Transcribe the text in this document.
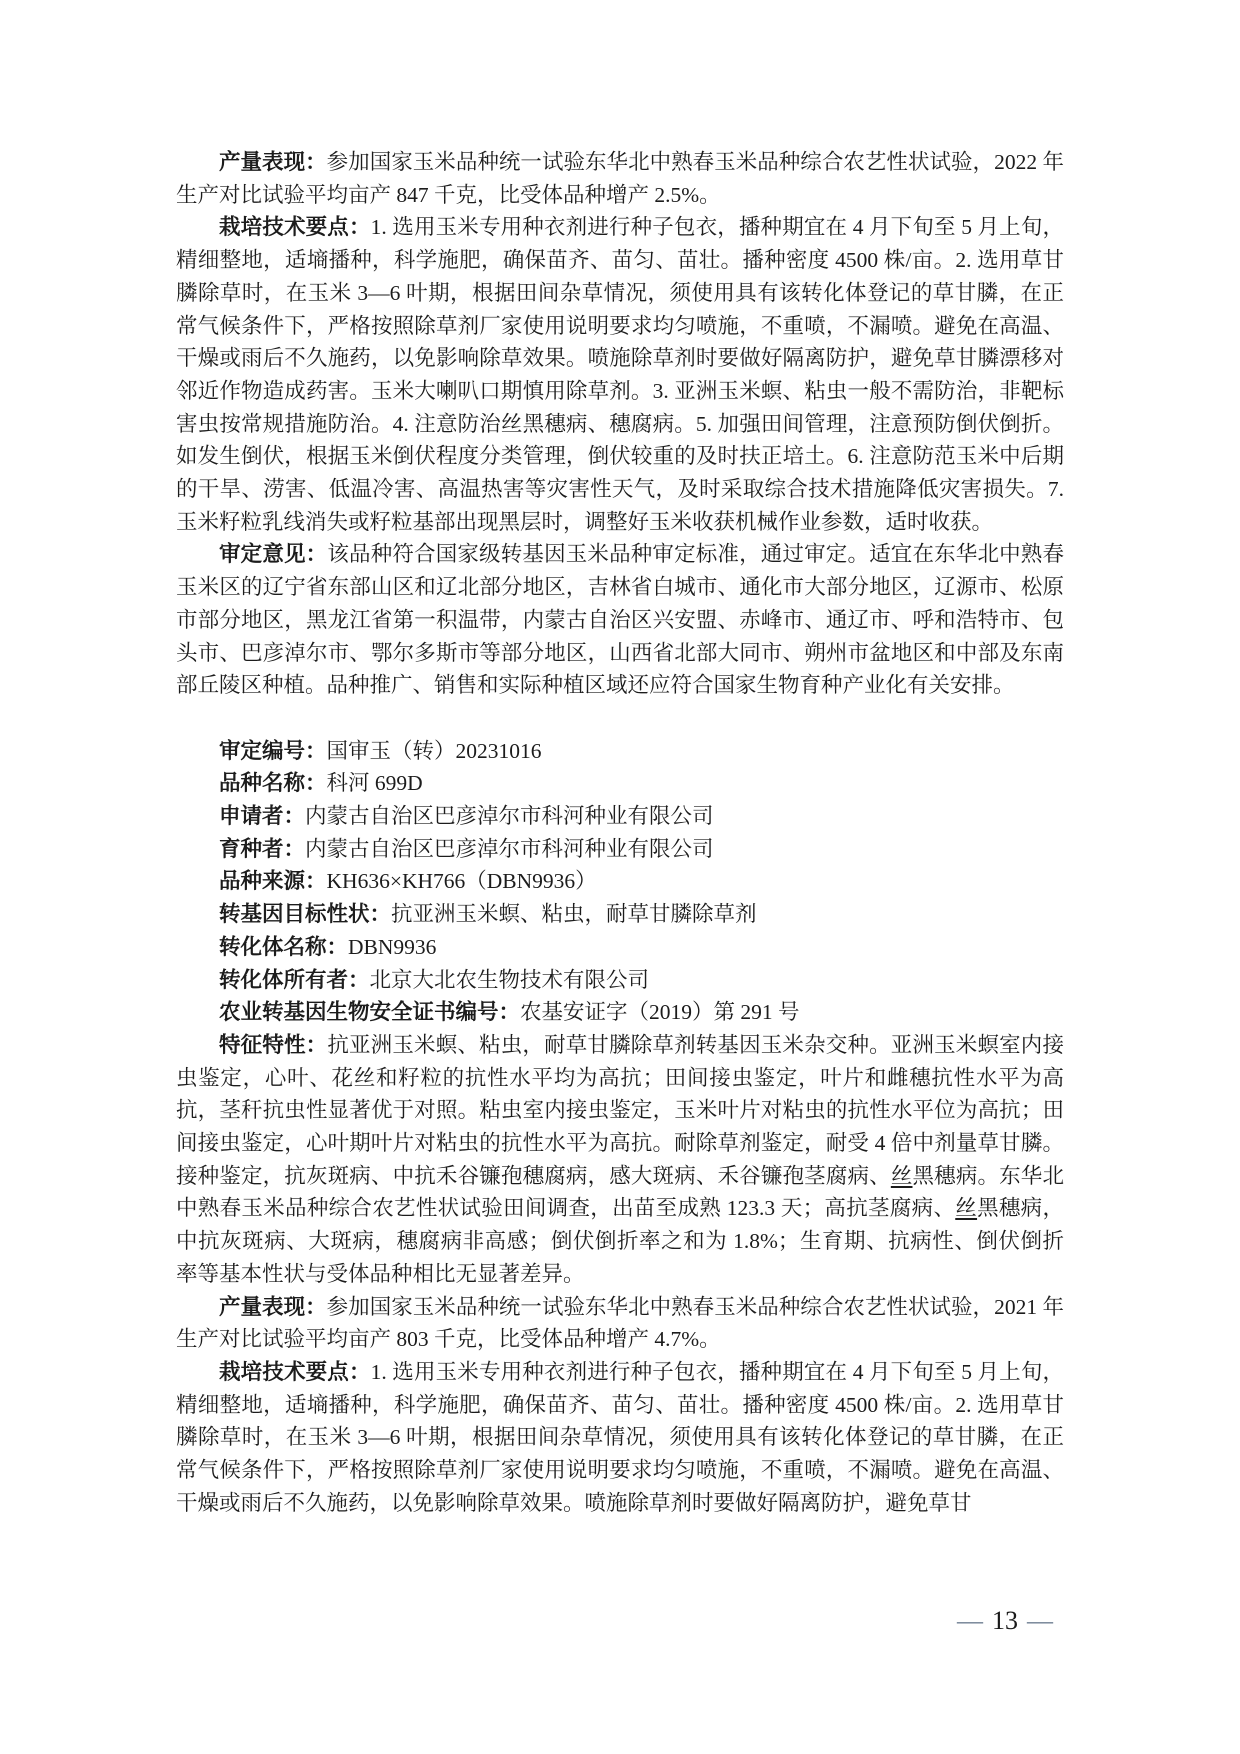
产量表现：参加国家玉米品种统一试验东华北中熟春玉米品种综合农艺性状试验，2022 年生产对比试验平均亩产 847 千克，比受体品种增产 2.5%。

栽培技术要点：1. 选用玉米专用种衣剂进行种子包衣，播种期宜在 4 月下旬至 5 月上旬，精细整地，适墒播种，科学施肥，确保苗齐、苗匀、苗壮。播种密度 4500 株/亩。2. 选用草甘膦除草时，在玉米 3—6 叶期，根据田间杂草情况，须使用具有该转化体登记的草甘膦，在正常气候条件下，严格按照除草剂厂家使用说明要求均匀喷施，不重喷，不漏喷。避免在高温、干燥或雨后不久施药，以免影响除草效果。喷施除草剂时要做好隔离防护，避免草甘膦漂移对邻近作物造成药害。玉米大喇叭口期慎用除草剂。3. 亚洲玉米螟、粘虫一般不需防治，非靶标害虫按常规措施防治。4. 注意防治丝黑穗病、穗腐病。5. 加强田间管理，注意预防倒伏倒折。如发生倒伏，根据玉米倒伏程度分类管理，倒伏较重的及时扶正培土。6. 注意防范玉米中后期的干旱、涝害、低温冷害、高温热害等灾害性天气，及时采取综合技术措施降低灾害损失。7. 玉米籽粒乳线消失或籽粒基部出现黑层时，调整好玉米收获机械作业参数，适时收获。

审定意见：该品种符合国家级转基因玉米品种审定标准，通过审定。适宜在东华北中熟春玉米区的辽宁省东部山区和辽北部分地区，吉林省白城市、通化市大部分地区，辽源市、松原市部分地区，黑龙江省第一积温带，内蒙古自治区兴安盟、赤峰市、通辽市、呼和浩特市、包头市、巴彦淖尔市、鄂尔多斯市等部分地区，山西省北部大同市、朔州市盆地区和中部及东南部丘陵区种植。品种推广、销售和实际种植区域还应符合国家生物育种产业化有关安排。

审定编号：国审玉（转）20231016

品种名称：科河 699D

申请者：内蒙古自治区巴彦淖尔市科河种业有限公司

育种者：内蒙古自治区巴彦淖尔市科河种业有限公司

品种来源：KH636×KH766（DBN9936）

转基因目标性状：抗亚洲玉米螟、粘虫，耐草甘膦除草剂

转化体名称：DBN9936

转化体所有者：北京大北农生物技术有限公司

农业转基因生物安全证书编号：农基安证字（2019）第 291 号

特征特性：抗亚洲玉米螟、粘虫，耐草甘膦除草剂转基因玉米杂交种。亚洲玉米螟室内接虫鉴定，心叶、花丝和籽粒的抗性水平均为高抗；田间接虫鉴定，叶片和雌穗抗性水平为高抗，茎秆抗虫性显著优于对照。粘虫室内接虫鉴定，玉米叶片对粘虫的抗性水平位为高抗；田间接虫鉴定，心叶期叶片对粘虫的抗性水平为高抗。耐除草剂鉴定，耐受 4 倍中剂量草甘膦。接种鉴定，抗灰斑病、中抗禾谷镰孢穗腐病，感大斑病、禾谷镰孢茎腐病、丝黑穗病。东华北中熟春玉米品种综合农艺性状试验田间调查，出苗至成熟 123.3 天；高抗茎腐病、丝黑穗病，中抗灰斑病、大斑病，穗腐病非高感；倒伏倒折率之和为 1.8%；生育期、抗病性、倒伏倒折率等基本性状与受体品种相比无显著差异。

产量表现：参加国家玉米品种统一试验东华北中熟春玉米品种综合农艺性状试验，2021 年生产对比试验平均亩产 803 千克，比受体品种增产 4.7%。

栽培技术要点：1. 选用玉米专用种衣剂进行种子包衣，播种期宜在 4 月下旬至 5 月上旬，精细整地，适墒播种，科学施肥，确保苗齐、苗匀、苗壮。播种密度 4500 株/亩。2. 选用草甘膦除草时，在玉米 3—6 叶期，根据田间杂草情况，须使用具有该转化体登记的草甘膦，在正常气候条件下，严格按照除草剂厂家使用说明要求均匀喷施，不重喷，不漏喷。避免在高温、干燥或雨后不久施药，以免影响除草效果。喷施除草剂时要做好隔离防护，避免草甘

— 13 —
